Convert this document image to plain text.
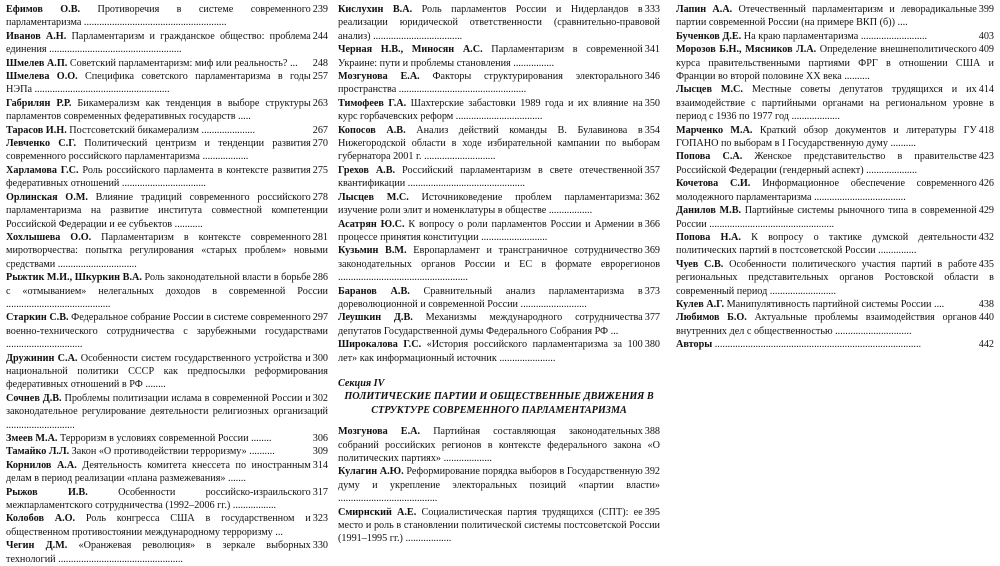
239
Ефимов О.В. Противоречия в системе современного парламентаризма ........................................................
244
Иванов А.Н. Парламентаризм и гражданское общество: проблема единения ....................................................
248
Шмелев А.П. Советский парламентаризм: миф или реальность? ...
257
Шмелева О.О. Специфика советского парламентаризма в годы НЭПа .....................................................
263
Габрилян Р.Р. Бикамерализм как тенденция в выборе структуры парламентов современных федеративных государств .....
267
Тарасов И.Н. Постсоветский бикамерализм .....................
270
Левченко С.Г. Политический центризм и тенденции развития современного российского парламентаризма ..................
275
Харламова Г.С. Роль российского парламента в контексте развития федеративных отношений .................................
278
Орлинская О.М. Влияние традиций современного российского парламентаризма на развитие института совместной компетенции Российской Федерации и ее субъектов ...........
281
Хохлышева О.О. Парламентаризм в контексте современного миротворчества: попытка регулирования «старых проблем» новыми средствами ...............................
286
Рыжтик М.И., Шкуркин В.А. Роль законодательной власти в борьбе с «отмыванием» нелегальных доходов в современной России .........................................
297
Старкин С.В. Федеральное собрание России в системе современного военно-технического сотрудничества с зарубежными государствами ..............................
300
Дружинин С.А. Особенности систем государственного устройства и национальной политики СССР как предпосылки реформирования федеративных отношений в РФ ........
302
Сочнев Д.В. Проблемы политизации ислама в современной России и законодательное регулирование деятельности религиозных организаций ...........................
306
Змеев М.А. Терроризм в условиях современной России ........
309
Тамайко Л.Л. Закон «О противодействии терроризму» ..........
314
Корнилов А.А. Деятельность комитета кнессета по иностранным делам в период реализации «плана размежевания» .......
317
Рыжов И.В.	Особенности российско-израильского межпарламентского сотрудничества (1992–2006 гг.) .................
323
Колобов А.О. Роль конгресса США в государственном и общественном противостоянии международному терроризму ...
330
Чегин Д.М. «Оранжевая революция» в зеркале выборных технологий .................................................
333
Кислухин В.А. Роль парламентов России и Нидерландов в реализации юридической ответственности (сравнительно-правовой анализ) ...................................
341
Черная Н.В., Миносян А.С. Парламентаризм в современной Украине: пути и проблемы становления ................
346
Мозгунова Е.А. Факторы структурирования электорального пространства ..................................................
350
Тимофеев Г.А. Шахтерские забастовки 1989 года и их влияние на курс горбачевских реформ ..................................
354
Копосов А.В. Анализ действий команды В. Булавинова в Нижегородской области в ходе избирательной кампании по выборам губернатора 2001 г. ............................
357
Грехов А.В. Российский парламентаризм в свете отечественной квантификации ..............................................
362
Лысцев М.С. Источниковедение проблем парламентаризма: изучение роли элит и номенклатуры в обществе .................
366
Асатрян Ю.С. К вопросу о роли парламентов России и Армении в процессе принятия конституции ..........................
369
Кузьмин В.М. Европарламент и трансграничное сотрудничество законодательных органов России и ЕС в формате еврорегионов ...................................................
373
Баранов А.В. Сравнительный анализ парламентаризма в дореволюционной и современной России ..........................
377
Леушкин Д.В. Механизмы международного сотрудничества депутатов Государственной думы Федерального Собрания РФ ...
380
Широкалова Г.С. «История российского парламентаризма за 100 лет» как информационный источник ......................
Секция IV
ПОЛИТИЧЕСКИЕ ПАРТИИ И ОБЩЕСТВЕННЫЕ ДВИЖЕНИЯ В СТРУКТУРЕ СОВРЕМЕННОГО ПАРЛАМЕНТАРИЗМА
388
Мозгунова Е.А. Партийная составляющая законодательных собраний российских регионов в контексте федерального закона «О политических партиях» ...................
392
Кулагин А.Ю. Реформирование порядка выборов в Государственную думу и укрепление электоральных позиций «партии власти» .......................................
395
Смирнский А.Е. Социалистическая партия трудящихся (СПТ): ее место и роль в становлении политической системы постсоветской России (1991–1995 гг.) ..................
399
Лапин А.А. Отечественный парламентаризм и леворадикальные партии современной России (на примере ВКП (б)) ....
403
Бученков Д.Е. На краю парламентаризма ..........................
409
Морозов Б.Н., Мясников Л.А. Определение внешнеполитического курса правительственными партиями ФРГ в отношении США и Франции во второй половине XX века ..........
414
Лысцев М.С. Местные советы депутатов трудящихся и их взаимодействие с партийными органами на региональном уровне в период с 1936 по 1977 год ...................
418
Марченко М.А. Краткий обзор документов и литературы ГУ ГОПАНО по выборам в I Государственную думу ..........
423
Попова С.А. Женское представительство в правительстве Российской Федерации (гендерный аспект) ....................
426
Кочетова С.И. Информационное обеспечение современного молодежного парламентаризма ....................................
429
Данилов М.В. Партийные системы рыночного типа в современной России .................................................
432
Попова Н.А. К вопросу о тактике думской деятельности политических партий в постсоветской России ...............
435
Чуев С.В. Особенности политического участия партий в работе региональных представительных органов Ростовской области в современный период ..........................
438
Кулев А.Г. Манипулятивность партийной системы России ....
440
Любимов Б.О. Актуальные проблемы взаимодействия органов внутренних дел с общественностью ..............................
442
Авторы .................................................................................
